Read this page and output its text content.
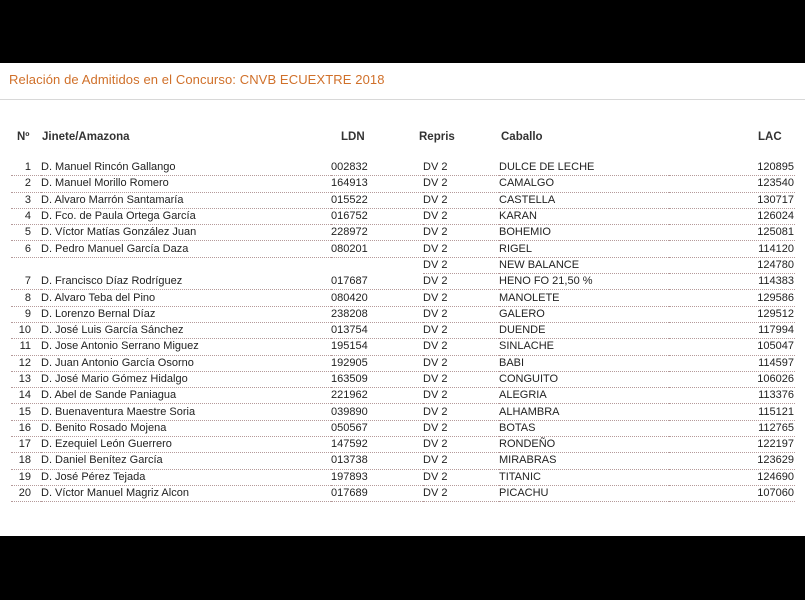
Relación de Admitidos en el Concurso: CNVB ECUEXTRE 2018
Nº Jinete/Amazona	LDN	Repris	Caballo	LAC
1	D. Manuel Rincón Gallango	002832	DV 2	DULCE DE LECHE	120895
2	D. Manuel Morillo Romero	164913	DV 2	CAMALGO	123540
3	D. Alvaro Marrón Santamaría	015522	DV 2	CASTELLA	130717
4	D. Fco. de Paula Ortega García	016752	DV 2	KARAN	126024
5	D. Víctor Matías González Juan	228972	DV 2	BOHEMIO	125081
6	D. Pedro Manuel García Daza	080201	DV 2	RIGEL	114120
			DV 2	NEW BALANCE	124780
7	D. Francisco Díaz Rodríguez	017687	DV 2	HENO FO 21,50 %	114383
8	D. Alvaro Teba del Pino	080420	DV 2	MANOLETE	129586
9	D. Lorenzo Bernal Díaz	238208	DV 2	GALERO	129512
10	D. José Luis García Sánchez	013754	DV 2	DUENDE	117994
11	D. Jose Antonio Serrano Miguez	195154	DV 2	SINLACHE	105047
12	D. Juan Antonio García Osorno	192905	DV 2	BABI	114597
13	D. José Mario Gómez Hidalgo	163509	DV 2	CONGUITO	106026
14	D. Abel de Sande Paniagua	221962	DV 2	ALEGRIA	113376
15	D. Buenaventura Maestre Soria	039890	DV 2	ALHAMBRA	115121
16	D. Benito Rosado Mojena	050567	DV 2	BOTAS	112765
17	D. Ezequiel León Guerrero	147592	DV 2	RONDEÑO	122197
18	D. Daniel Benítez García	013738	DV 2	MIRABRAS	123629
19	D. José Pérez Tejada	197893	DV 2	TITANIC	124690
20	D. Víctor Manuel Magriz Alcon	017689	DV 2	PICACHU	107060
